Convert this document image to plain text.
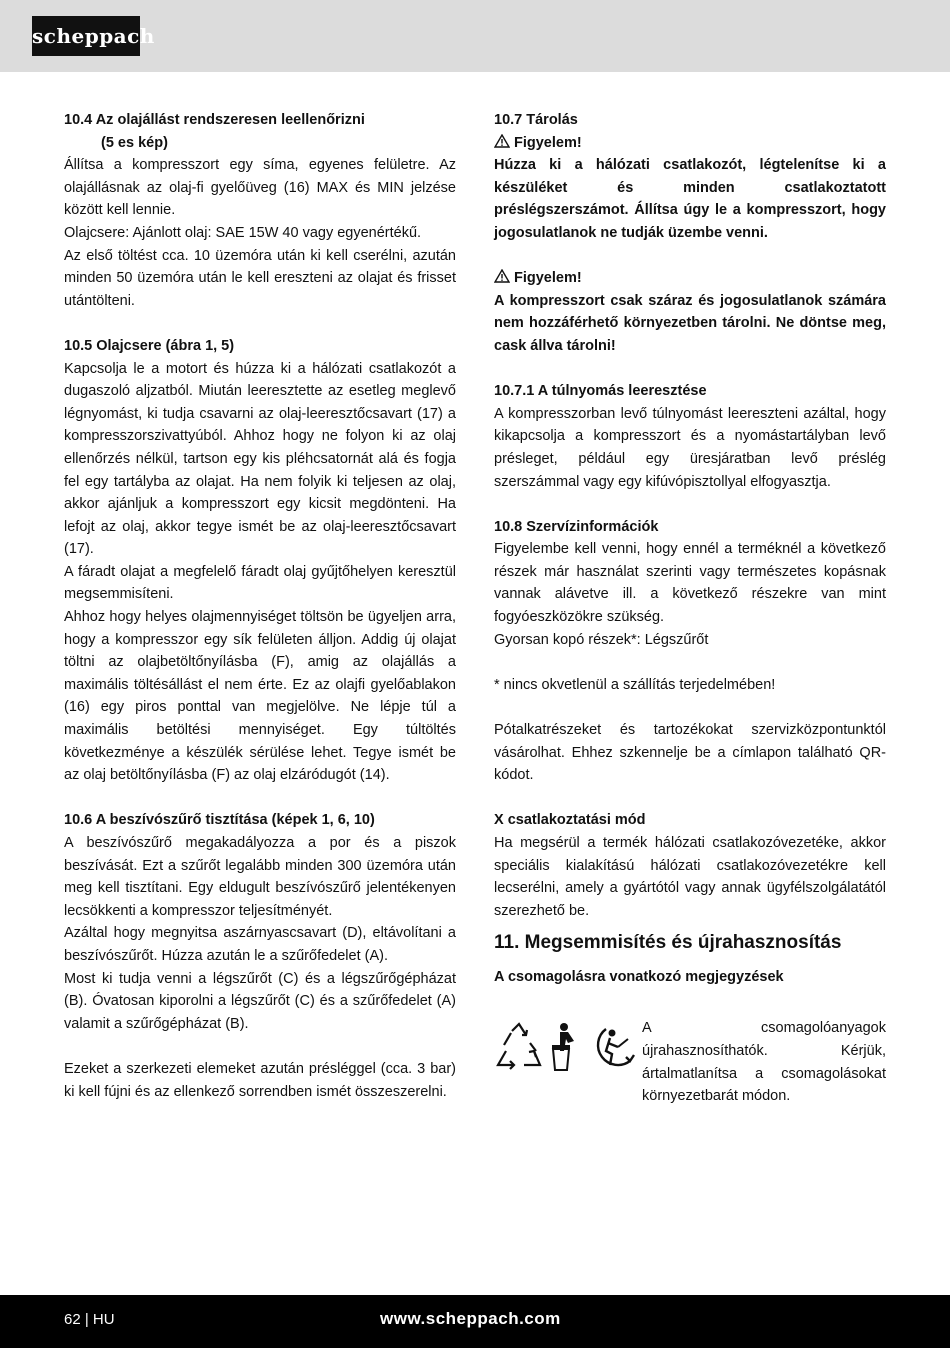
scheppach

10.4 Az olajállást rendszeresen leellenőrizni

(5 es kép)

Állítsa a kompresszort egy síma, egyenes felületre. Az olajállásnak az olaj-fi gyelőüveg (16) MAX és MIN jelzése között kell lennie.

Olajcsere: Ajánlott olaj: SAE 15W 40 vagy egyenértékű.

Az első töltést cca. 10 üzemóra után ki kell cserélni, azután minden 50 üzemóra után le kell ereszteni az olajat és frisset utántölteni.

10.5 Olajcsere (ábra 1, 5)

Kapcsolja le a motort és húzza ki a hálózati csatlakozót a dugaszoló aljzatból. Miután leeresztette az esetleg meglevő légnyomást, ki tudja csavarni az olaj-leeresztőcsavart (17) a kompresszorszivattyúból. Ahhoz hogy ne folyon ki az olaj ellenőrzés nélkül, tartson egy kis pléhcsatornát alá és fogja fel egy tartályba az olajat. Ha nem folyik ki teljesen az olaj, akkor ajánljuk a kompresszort egy kicsit megdönteni. Ha lefojt az olaj, akkor tegye ismét be az olaj-leeresztőcsavart (17).

A fáradt olajat a megfelelő fáradt olaj gyűjtőhelyen keresztül megsemmisíteni.

Ahhoz hogy helyes olajmennyiséget töltsön be ügyeljen arra, hogy a kompresszor egy sík felületen álljon. Addig új olajat töltni az olajbetöltőnyílásba (F), amig az olajállás a maximális töltésállást el nem érte. Ez az olajfi gyelőablakon (16) egy piros ponttal van megjelölve. Ne lépje túl a maximális betöltési mennyiséget. Egy túltöltés következménye a készülék sérülése lehet. Tegye ismét be az olaj betöltőnyílásba (F) az olaj elzáródugót (14).

10.6 A beszívószűrő tisztítása (képek 1, 6, 10)

A beszívószűrő megakadályozza a por és a piszok beszívását. Ezt a szűrőt legalább minden 300 üzemóra után meg kell tisztítani. Egy eldugult beszívószűrő jelentékenyen lecsökkenti a kompresszor teljesítményét.

Azáltal hogy megnyitsa aszárnyascsavart (D), eltávolítani a beszívószűrőt. Húzza azután le a szűrőfedelet (A).

Most ki tudja venni a légszűrőt (C) és a légszűrőgépházat (B). Óvatosan kiporolni a légszűrőt (C) és a szűrőfedelet (A) valamit a szűrőgépházat (B).

Ezeket a szerkezeti elemeket azután présléggel (cca. 3 bar) ki kell fújni és az ellenkező sorrendben ismét összeszerelni.

10.7 Tárolás

Figyelem!

Húzza ki a hálózati csatlakozót, légtelenítse ki a készüléket és minden csatlakoztatott préslégszerszámot. Állítsa úgy le a kompresszort, hogy jogosulatlanok ne tudják üzembe venni.

Figyelem!

A kompresszort csak száraz és jogosulatlanok számára nem hozzáférhető környezetben tárolni. Ne döntse meg, cask állva tárolni!

10.7.1 A túlnyomás leeresztése

A kompresszorban levő túlnyomást leereszteni azáltal, hogy kikapcsolja a kompresszort és a nyomástartályban levő présleget, például egy üresjáratban levő préslég szerszámmal vagy egy kifúvópisztollyal elfogyasztja.

10.8 Szervízinformációk

Figyelembe kell venni, hogy ennél a terméknél a következő részek már használat szerinti vagy természetes kopásnak vannak alávetve ill. a következő részekre van mint fogyóeszközökre szükség.

Gyorsan kopó részek*: Légszűrőt

* nincs okvetlenül a szállítás terjedelmében!

Pótalkatrészeket és tartozékokat szervizközpontunktól vásárolhat. Ehhez szkennelje be a címlapon található QR-kódot.

X csatlakoztatási mód

Ha megsérül a termék hálózati csatlakozóvezetéke, akkor speciális kialakítású hálózati csatlakozóvezetékre kell lecserélni, amely a gyártótól vagy annak ügyfélszolgálatától szerezhető be.

11. Megsemmisítés és újrahasznosítás

A csomagolásra vonatkozó megjegyzések

A csomagolóanyagok újrahasznosíthatók. Kérjük, ártalmatlanítsa a csomagolásokat környezetbarát módon.

62 | HU	www.scheppach.com
